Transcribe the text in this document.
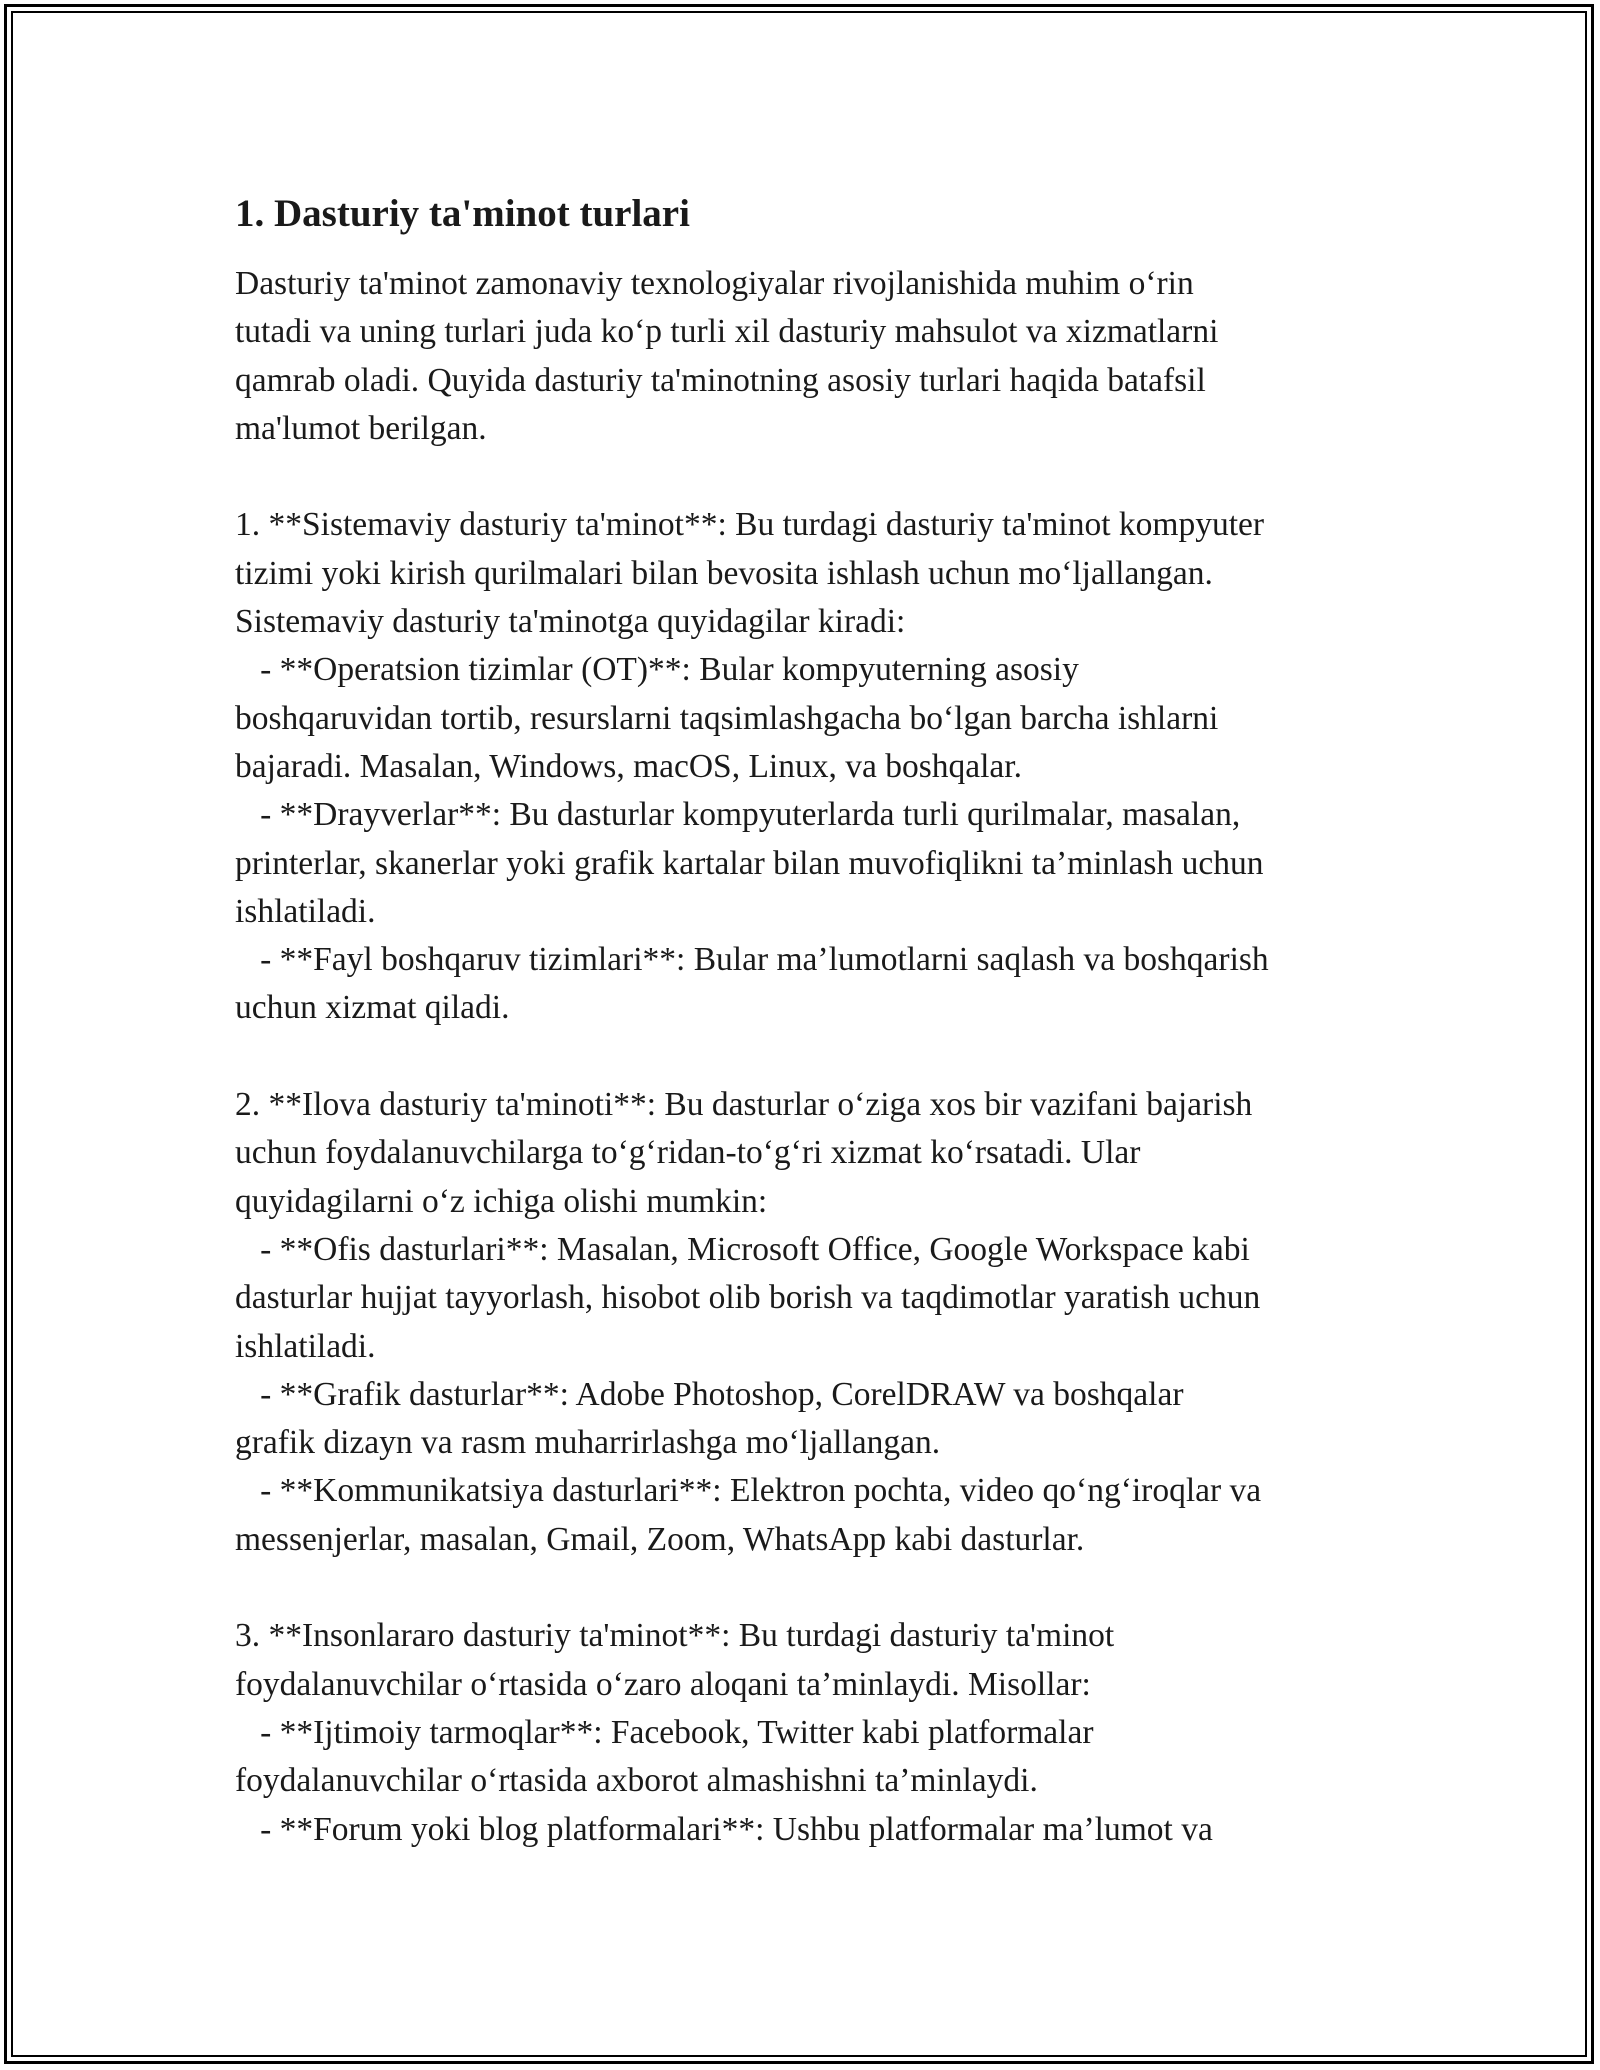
1. Dasturiy ta'minot turlari

Dasturiy ta'minot zamonaviy texnologiyalar rivojlanishida muhim o‘rin
tutadi va uning turlari juda ko‘p turli xil dasturiy mahsulot va xizmatlarni
qamrab oladi. Quyida dasturiy ta'minotning asosiy turlari haqida batafsil
ma'lumot berilgan.

1. **Sistemaviy dasturiy ta'minot**: Bu turdagi dasturiy ta'minot kompyuter
tizimi yoki kirish qurilmalari bilan bevosita ishlash uchun mo‘ljallangan.
Sistemaviy dasturiy ta'minotga quyidagilar kiradi:
- **Operatsion tizimlar (OT)**: Bular kompyuterning asosiy
boshqaruvidan tortib, resurslarni taqsimlashgacha bo‘lgan barcha ishlarni
bajaradi. Masalan, Windows, macOS, Linux, va boshqalar.
- **Drayverlar**: Bu dasturlar kompyuterlarda turli qurilmalar, masalan,
printerlar, skanerlar yoki grafik kartalar bilan muvofiqlikni ta’minlash uchun
ishlatiladi.
- **Fayl boshqaruv tizimlari**: Bular ma’lumotlarni saqlash va boshqarish
uchun xizmat qiladi.

2. **Ilova dasturiy ta'minoti**: Bu dasturlar o‘ziga xos bir vazifani bajarish
uchun foydalanuvchilarga to‘g‘ridan-to‘g‘ri xizmat ko‘rsatadi. Ular
quyidagilarni o‘z ichiga olishi mumkin:
- **Ofis dasturlari**: Masalan, Microsoft Office, Google Workspace kabi
dasturlar hujjat tayyorlash, hisobot olib borish va taqdimotlar yaratish uchun
ishlatiladi.
- **Grafik dasturlar**: Adobe Photoshop, CorelDRAW va boshqalar
grafik dizayn va rasm muharrirlashga mo‘ljallangan.
- **Kommunikatsiya dasturlari**: Elektron pochta, video qo‘ng‘iroqlar va
messenjerlar, masalan, Gmail, Zoom, WhatsApp kabi dasturlar.

3. **Insonlararo dasturiy ta'minot**: Bu turdagi dasturiy ta'minot
foydalanuvchilar o‘rtasida o‘zaro aloqani ta’minlaydi. Misollar:
- **Ijtimoiy tarmoqlar**: Facebook, Twitter kabi platformalar
foydalanuvchilar o‘rtasida axborot almashishni ta’minlaydi.
- **Forum yoki blog platformalari**: Ushbu platformalar ma’lumot va
